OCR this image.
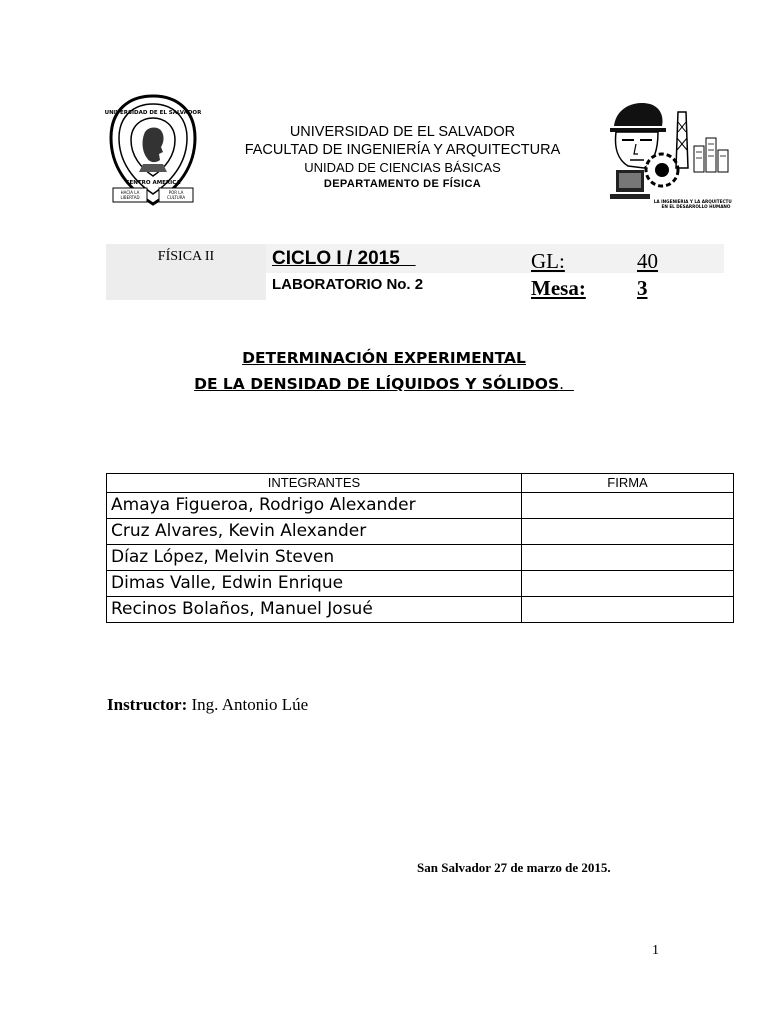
HACIA LA
LIBERTAD
POR LA
CULTURA
UNIVERSIDAD DE EL SALVADOR
CENTRO AMERICA
UNIVERSIDAD DE EL SALVADOR
FACULTAD DE INGENIERÍA Y ARQUITECTURA
UNIDAD DE CIENCIAS BÁSICAS
DEPARTAMENTO DE FÍSICA
LA INGENIERIA Y LA ARQUITECTURA
EN EL DESARROLLO HUMANO
FÍSICA II	CICLO I / 2015
LABORATORIO No. 2
GL:	40
Mesa: 3
DETERMINACIÓN EXPERIMENTAL
DE LA DENSIDAD DE LÍQUIDOS Y SÓLIDOS.
INTEGRANTES	FIRMA
Amaya Figueroa, Rodrigo Alexander	
Cruz Alvares, Kevin Alexander	
Díaz López, Melvin Steven	
Dimas Valle, Edwin Enrique	
Recinos Bolaños, Manuel Josué	
Instructor: Ing. Antonio Lúe
San Salvador 27 de marzo de 2015.
1
